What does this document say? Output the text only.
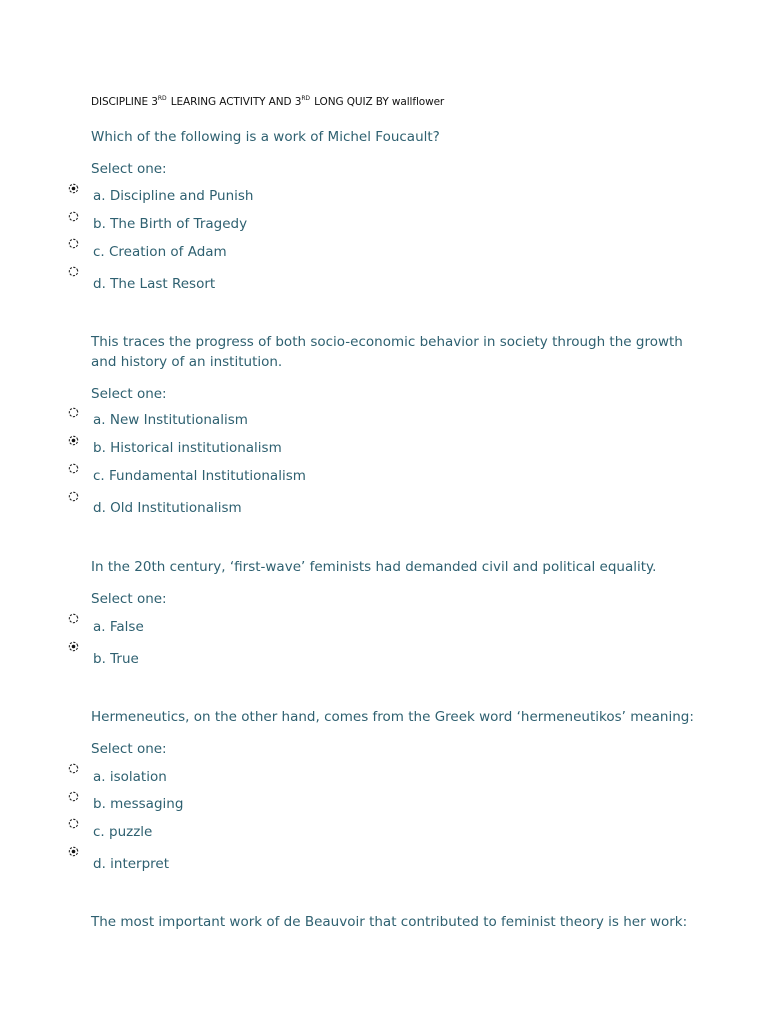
DISCIPLINE 3RD LEARING ACTIVITY AND 3RD LONG QUIZ BY wallflower
Which of the following is a work of Michel Foucault?
Select one:
a. Discipline and Punish
b. The Birth of Tragedy
c. Creation of Adam
d. The Last Resort
This traces the progress of both socio-economic behavior in society through the growth and history of an institution.
Select one:
a. New Institutionalism
b. Historical institutionalism
c. Fundamental Institutionalism
d. Old Institutionalism
In the 20th century, ‘first-wave’ feminists had demanded civil and political equality.
Select one:
a. False
b. True
Hermeneutics, on the other hand, comes from the Greek word ‘hermeneutikos’ meaning:
Select one:
a. isolation
b. messaging
c. puzzle
d. interpret
The most important work of de Beauvoir that contributed to feminist theory is her work:
